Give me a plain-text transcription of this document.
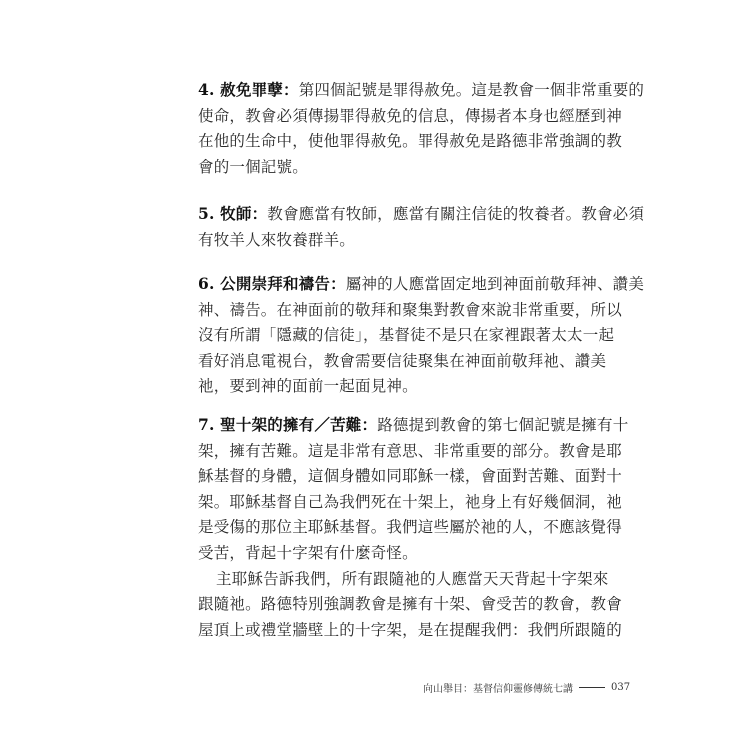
4. 赦免罪孽：第四個記號是罪得赦免。這是教會一個非常重要的
使命，教會必須傳揚罪得赦免的信息，傳揚者本身也經歷到神
在他的生命中，使他罪得赦免。罪得赦免是路德非常強調的教
會的一個記號。
5. 牧師：教會應當有牧師，應當有關注信徒的牧養者。教會必須
有牧羊人來牧養群羊。
6. 公開崇拜和禱告：屬神的人應當固定地到神面前敬拜神、讚美
神、禱告。在神面前的敬拜和聚集對教會來說非常重要，所以
沒有所謂「隱藏的信徒」，基督徒不是只在家裡跟著太太一起
看好消息電視台，教會需要信徒聚集在神面前敬拜祂、讚美
祂，要到神的面前一起面見神。
7. 聖十架的擁有／苦難：路德提到教會的第七個記號是擁有十
架，擁有苦難。這是非常有意思、非常重要的部分。教會是耶
穌基督的身體，這個身體如同耶穌一樣，會面對苦難、面對十
架。耶穌基督自己為我們死在十架上，祂身上有好幾個洞，祂
是受傷的那位主耶穌基督。我們這些屬於祂的人，不應該覺得
受苦，背起十字架有什麼奇怪。
主耶穌告訴我們，所有跟隨祂的人應當天天背起十字架來
跟隨祂。路德特別強調教會是擁有十架、會受苦的教會，教會
屋頂上或禮堂牆壁上的十字架，是在提醒我們：我們所跟隨的
向山舉目：基督信仰靈修傳統七講	037
